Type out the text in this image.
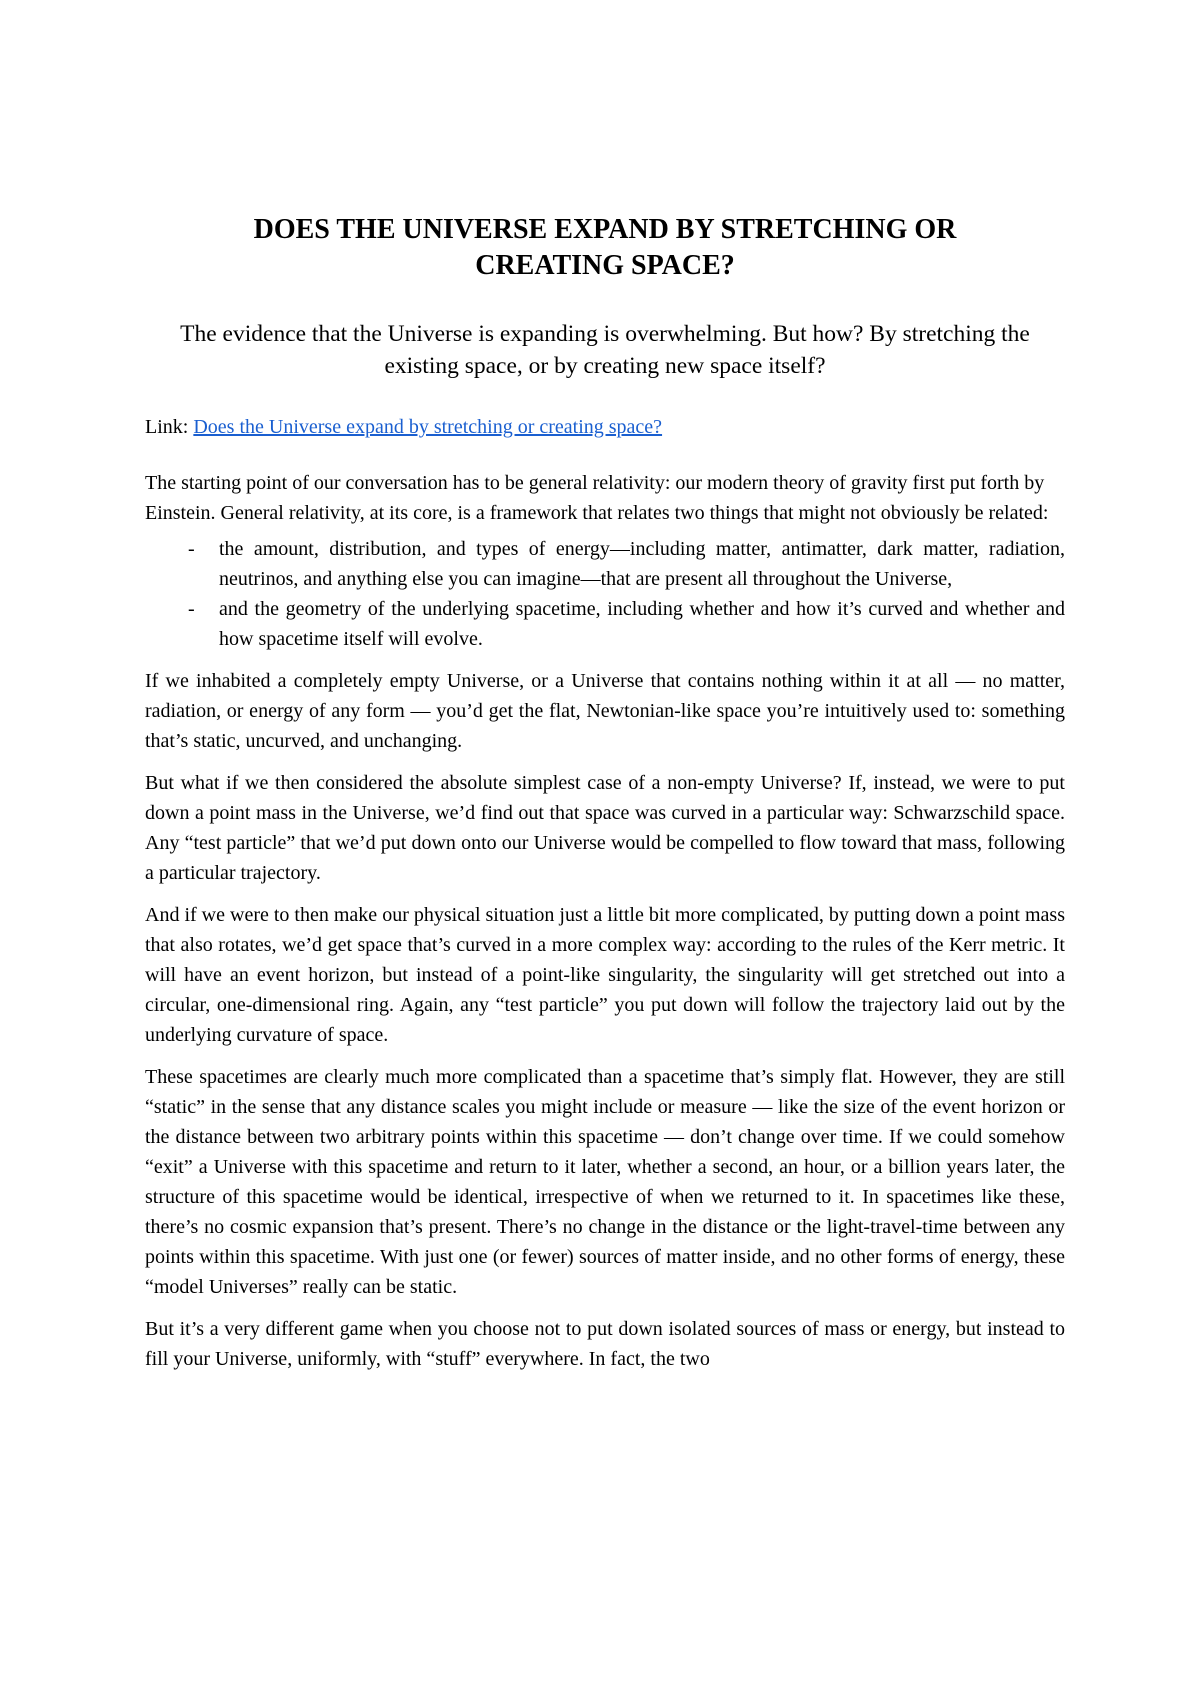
DOES THE UNIVERSE EXPAND BY STRETCHING OR
CREATING SPACE?

The evidence that the Universe is expanding is overwhelming. But how? By stretching the existing space, or by creating new space itself?

Link: Does the Universe expand by stretching or creating space?

The starting point of our conversation has to be general relativity: our modern theory of gravity first put forth by Einstein. General relativity, at its core, is a framework that relates two things that might not obviously be related:

- the amount, distribution, and types of energy—including matter, antimatter, dark matter, radiation, neutrinos, and anything else you can imagine—that are present all throughout the Universe,
- and the geometry of the underlying spacetime, including whether and how it’s curved and whether and how spacetime itself will evolve.

If we inhabited a completely empty Universe, or a Universe that contains nothing within it at all — no matter, radiation, or energy of any form — you’d get the flat, Newtonian-like space you’re intuitively used to: something that’s static, uncurved, and unchanging.

But what if we then considered the absolute simplest case of a non-empty Universe? If, instead, we were to put down a point mass in the Universe, we’d find out that space was curved in a particular way: Schwarzschild space. Any “test particle” that we’d put down onto our Universe would be compelled to flow toward that mass, following a particular trajectory.

And if we were to then make our physical situation just a little bit more complicated, by putting down a point mass that also rotates, we’d get space that’s curved in a more complex way: according to the rules of the Kerr metric. It will have an event horizon, but instead of a point-like singularity, the singularity will get stretched out into a circular, one-dimensional ring. Again, any “test particle” you put down will follow the trajectory laid out by the underlying curvature of space.

These spacetimes are clearly much more complicated than a spacetime that’s simply flat. However, they are still “static” in the sense that any distance scales you might include or measure — like the size of the event horizon or the distance between two arbitrary points within this spacetime — don’t change over time. If we could somehow “exit” a Universe with this spacetime and return to it later, whether a second, an hour, or a billion years later, the structure of this spacetime would be identical, irrespective of when we returned to it. In spacetimes like these, there’s no cosmic expansion that’s present. There’s no change in the distance or the light-travel-time between any points within this spacetime. With just one (or fewer) sources of matter inside, and no other forms of energy, these “model Universes” really can be static.

But it’s a very different game when you choose not to put down isolated sources of mass or energy, but instead to fill your Universe, uniformly, with “stuff” everywhere. In fact, the two
